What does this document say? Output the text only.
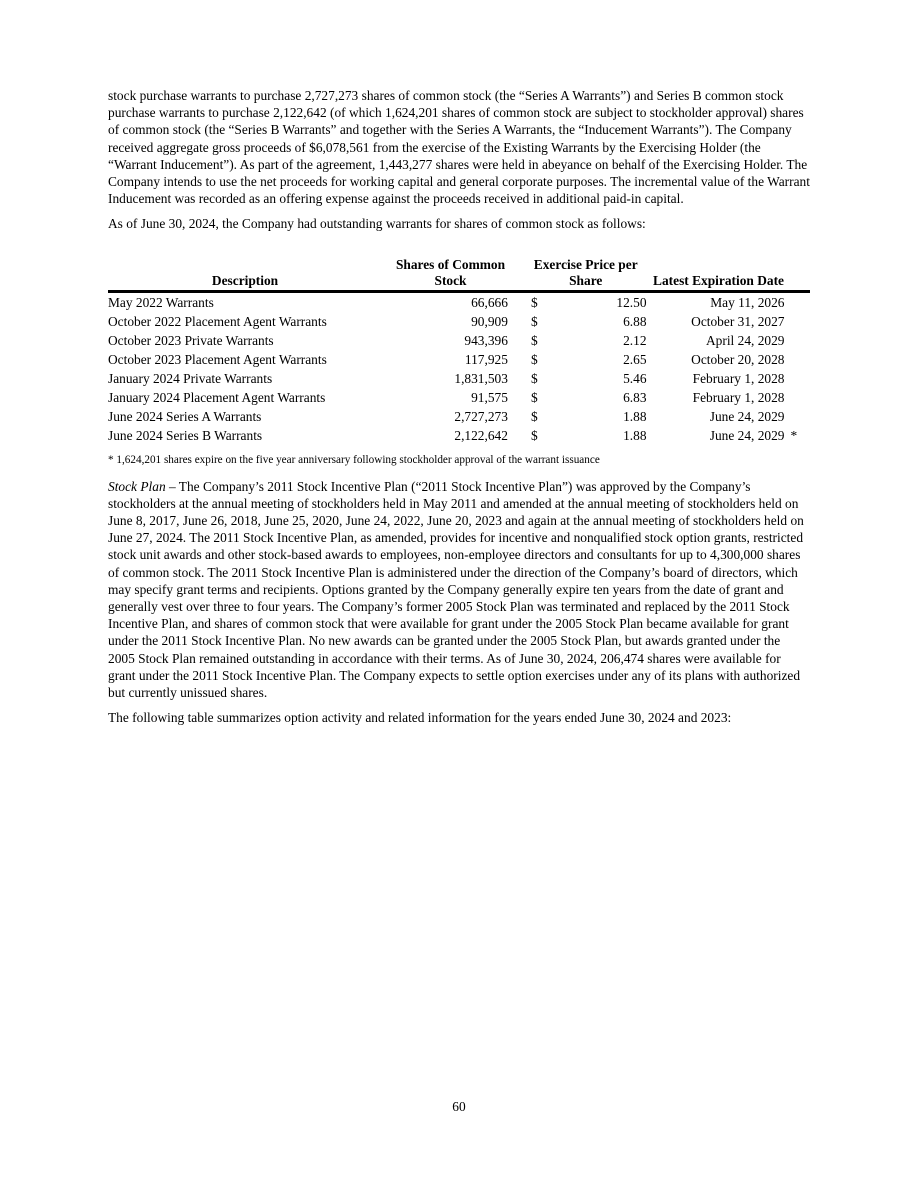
stock purchase warrants to purchase 2,727,273 shares of common stock (the “Series A Warrants”) and Series B common stock purchase warrants to purchase 2,122,642 (of which 1,624,201 shares of common stock are subject to stockholder approval) shares of common stock (the “Series B Warrants” and together with the Series A Warrants, the “Inducement Warrants”). The Company received aggregate gross proceeds of $6,078,561 from the exercise of the Existing Warrants by the Exercising Holder (the “Warrant Inducement”). As part of the agreement, 1,443,277 shares were held in abeyance on behalf of the Exercising Holder. The Company intends to use the net proceeds for working capital and general corporate purposes. The incremental value of the Warrant Inducement was recorded as an offering expense against the proceeds received in additional paid-in capital.

As of June 30, 2024, the Company had outstanding warrants for shares of common stock as follows:

Description	Shares of Common Stock	Exercise Price per Share		Latest Expiration Date	
May 2022 Warrants	66,666	$	12.50	May 11, 2026	
October 2022 Placement Agent Warrants	90,909	$	6.88	October 31, 2027	
October 2023 Private Warrants	943,396	$	2.12	April 24, 2029	
October 2023 Placement Agent Warrants	117,925	$	2.65	October 20, 2028	
January 2024 Private Warrants	1,831,503	$	5.46	February 1, 2028	
January 2024 Placement Agent Warrants	91,575	$	6.83	February 1, 2028	
June 2024 Series A Warrants	2,727,273	$	1.88	June 24, 2029	
June 2024 Series B Warrants	2,122,642	$	1.88	June 24, 2029	*

* 1,624,201 shares expire on the five year anniversary following stockholder approval of the warrant issuance

Stock Plan – The Company’s 2011 Stock Incentive Plan (“2011 Stock Incentive Plan”) was approved by the Company’s stockholders at the annual meeting of stockholders held in May 2011 and amended at the annual meeting of stockholders held on June 8, 2017, June 26, 2018, June 25, 2020, June 24, 2022, June 20, 2023 and again at the annual meeting of stockholders held on June 27, 2024. The 2011 Stock Incentive Plan, as amended, provides for incentive and nonqualified stock option grants, restricted stock unit awards and other stock-based awards to employees, non-employee directors and consultants for up to 4,300,000 shares of common stock. The 2011 Stock Incentive Plan is administered under the direction of the Company’s board of directors, which may specify grant terms and recipients. Options granted by the Company generally expire ten years from the date of grant and generally vest over three to four years. The Company’s former 2005 Stock Plan was terminated and replaced by the 2011 Stock Incentive Plan, and shares of common stock that were available for grant under the 2005 Stock Plan became available for grant under the 2011 Stock Incentive Plan. No new awards can be granted under the 2005 Stock Plan, but awards granted under the 2005 Stock Plan remained outstanding in accordance with their terms. As of June 30, 2024, 206,474 shares were available for grant under the 2011 Stock Incentive Plan. The Company expects to settle option exercises under any of its plans with authorized but currently unissued shares.

The following table summarizes option activity and related information for the years ended June 30, 2024 and 2023:

60
